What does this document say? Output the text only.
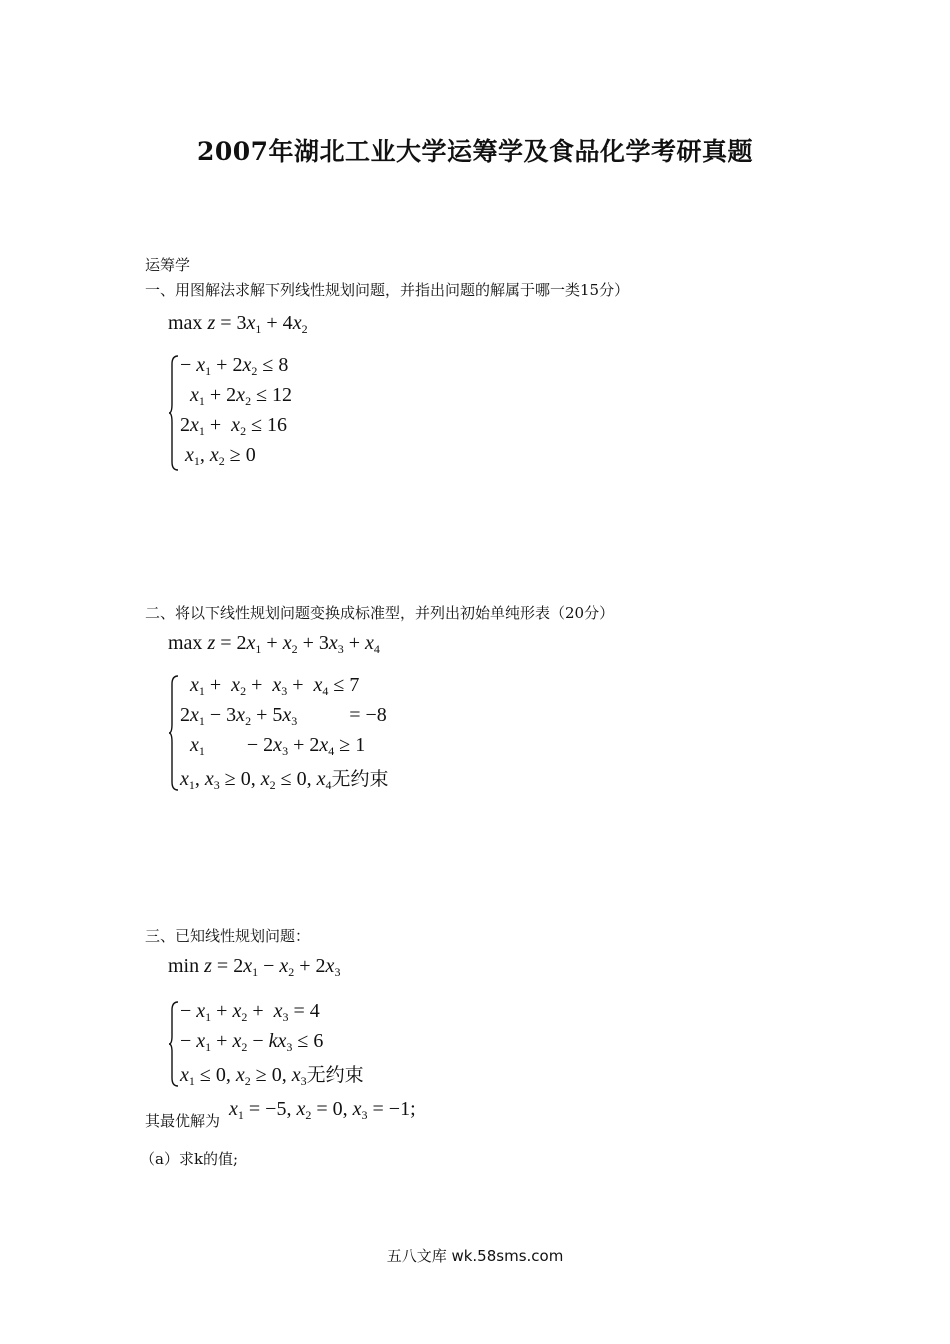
2007年湖北工业大学运筹学及食品化学考研真题
运筹学
一、用图解法求解下列线性规划问题，并指出问题的解属于哪一类15分）
$\max z = 3x_1 + 4x_2$
− $x_1 + 2x_2 \le 8$
$x_1 + 2x_2 \le 12$
$2x_1 + x_2 \le 16$
$x_1$, $x_2 \ge 0$
二、将以下线性规划问题变换成标准型，并列出初始单纯形表（20分）
$\max z = 2x_1 + x_2 + 3x_3 + x_4$
$x_1 + x_2 + x_3 + x_4 \le 7$
$2x_1 - 3x_2 + 5x_3$	= −8
$x_1 - 2x_3 + 2x_4 \ge 1$
$x_1$, $x_3 \ge 0$, $x_2 \le 0$, $x_4$无约束
三、已知线性规划问题：
$\min z = 2x_1 - x_2 + 2x_3$
− $x_1 + x_2 + x_3 = 4$
− $x_1 + x_2 - kx_3 \le 6$
$x_1 \le 0$, $x_2 \ge 0$, $x_3$无约束
其最优解为
$x_1 = -5$, $x_2 = 0$, $x_3 = -1$;
（a）求k的值;
五八文库 wk.58sms.com
